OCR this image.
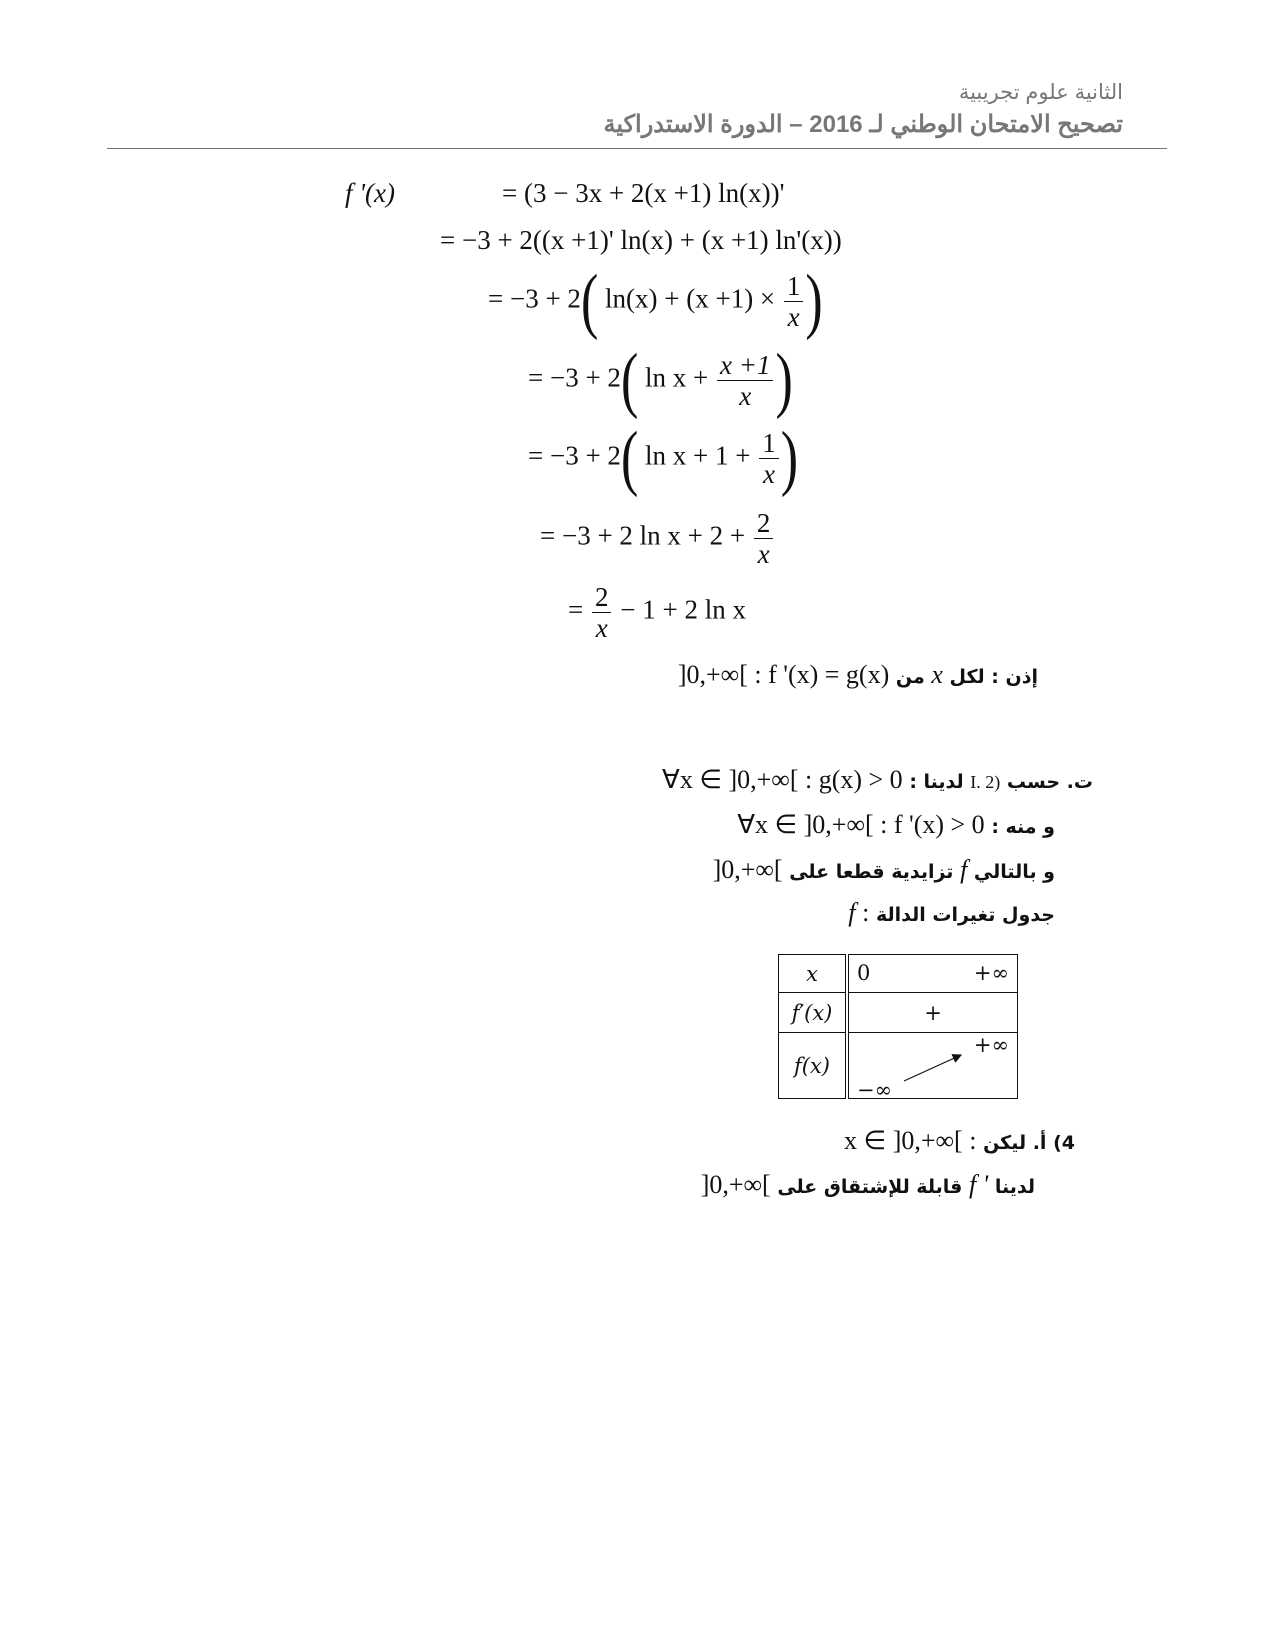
الثانية علوم تجريبية
تصحيح الامتحان الوطني لـ 2016 – الدورة الاستدراكية
f '(x)	= (3 − 3x + 2(x +1) ln(x))'
= −3 + 2((x +1)' ln(x) + (x +1) ln'(x))
= −3 + 2( $\ln(x) + (x +1) \times \frac{1}{x}$ )
= −3 + 2( $\ln x + \frac{x +1}{x}$ )
= −3 + 2( $\ln x + 1 + \frac{1}{x}$ )
= −3 + 2 $\ln x + 2 + \frac{2}{x}$
= $\frac{2}{x} - 1 + 2$ ln x
إذن : لكل x من ]0,+∞[ : f '(x) = g(x)
ت. حسب I. 2) لدينا : ∀x ∈ ]0,+∞[ : g(x) > 0
و منه : ∀x ∈ ]0,+∞[ : f '(x) > 0
و بالتالي f تزايدية قطعا على ]0,+∞[
جدول تغيرات الدالة f :
x	0 +∞

f′(x)	+
f(x)	+∞
−∞
4) أ. ليكن x ∈ ]0,+∞[ :
لدينا f ' قابلة للإشتقاق على ]0,+∞[
